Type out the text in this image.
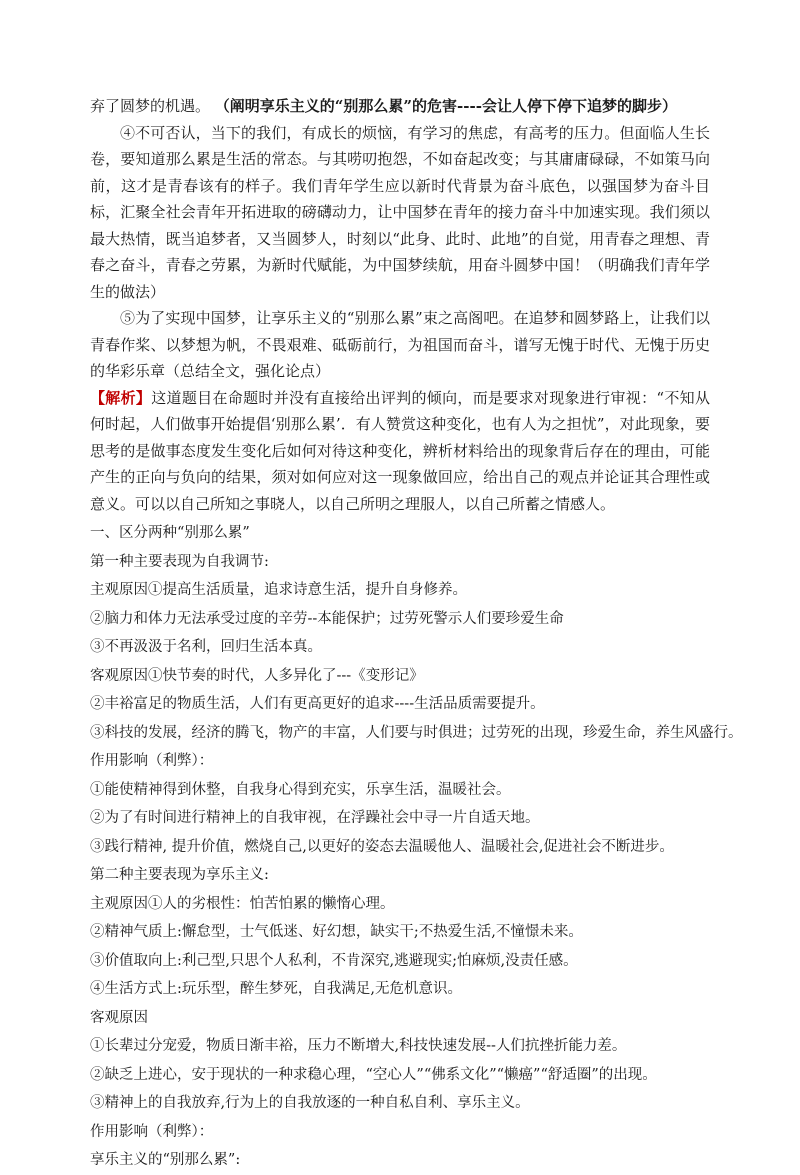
弃了圆梦的机遇。 （阐明享乐主义的“别那么累”的危害----会让人停下停下追梦的脚步）

④不可否认，当下的我们，有成长的烦恼，有学习的焦虑，有高考的压力。但面临人生长卷，要知道那么累是生活的常态。与其唠叨抱怨，不如奋起改变；与其庸庸碌碌，不如策马向前，这才是青春该有的样子。我们青年学生应以新时代背景为奋斗底色，以强国梦为奋斗目标，汇聚全社会青年开拓进取的磅礴动力，让中国梦在青年的接力奋斗中加速实现。我们须以最大热情，既当追梦者，又当圆梦人，时刻以“此身、此时、此地”的自觉，用青春之理想、青春之奋斗，青春之劳累，为新时代赋能，为中国梦续航，用奋斗圆梦中国！（明确我们青年学生的做法）

⑤为了实现中国梦，让享乐主义的“别那么累”束之高阁吧。在追梦和圆梦路上，让我们以青春作桨、以梦想为帆，不畏艰难、砥砺前行，为祖国而奋斗，谱写无愧于时代、无愧于历史的华彩乐章（总结全文，强化论点）

【解析】这道题目在命题时并没有直接给出评判的倾向，而是要求对现象进行审视：“不知从何时起，人们做事开始提倡‘别那么累’．有人赞赏这种变化，也有人为之担忧”，对此现象，要思考的是做事态度发生变化后如何对待这种变化，辨析材料给出的现象背后存在的理由，可能产生的正向与负向的结果，须对如何应对这一现象做回应，给出自己的观点并论证其合理性或意义。可以以自己所知之事晓人，以自己所明之理服人，以自己所蓄之情感人。

一、区分两种“别那么累”

第一种主要表现为自我调节:

主观原因①提高生活质量，追求诗意生活，提升自身修养。

②脑力和体力无法承受过度的辛劳--本能保护；过劳死警示人们要珍爱生命

③不再汲汲于名利，回归生活本真。

客观原因①快节奏的时代，人多异化了---《变形记》

②丰裕富足的物质生活，人们有更高更好的追求----生活品质需要提升。

③科技的发展，经济的腾飞，物产的丰富，人们要与时俱进；过劳死的出现，珍爱生命，养生风盛行。

作用影响（利弊）：

①能使精神得到休整，自我身心得到充实，乐享生活，温暖社会。

②为了有时间进行精神上的自我审视，在浮躁社会中寻一片自适天地。

③践行精神, 提升价值，燃烧自己,以更好的姿态去温暖他人、温暖社会,促进社会不断进步。

第二种主要表现为享乐主义:

主观原因①人的劣根性：怕苦怕累的懒惰心理。

②精神气质上:懈怠型，士气低迷、好幻想，缺实干;不热爱生活,不憧憬未来。

③价值取向上:利己型,只思个人私利，不肯深究,逃避现实;怕麻烦,没责任感。

④生活方式上:玩乐型，醉生梦死，自我满足,无危机意识。

客观原因

①长辈过分宠爱，物质日渐丰裕，压力不断增大,科技快速发展--人们抗挫折能力差。

②缺乏上进心，安于现状的一种求稳心理，“空心人”“佛系文化”“懒癌”“舒适圈”的出现。

③精神上的自我放弃,行为上的自我放逐的一种自私自利、享乐主义。

作用影响（利弊）：

享乐主义的“别那么累”:
